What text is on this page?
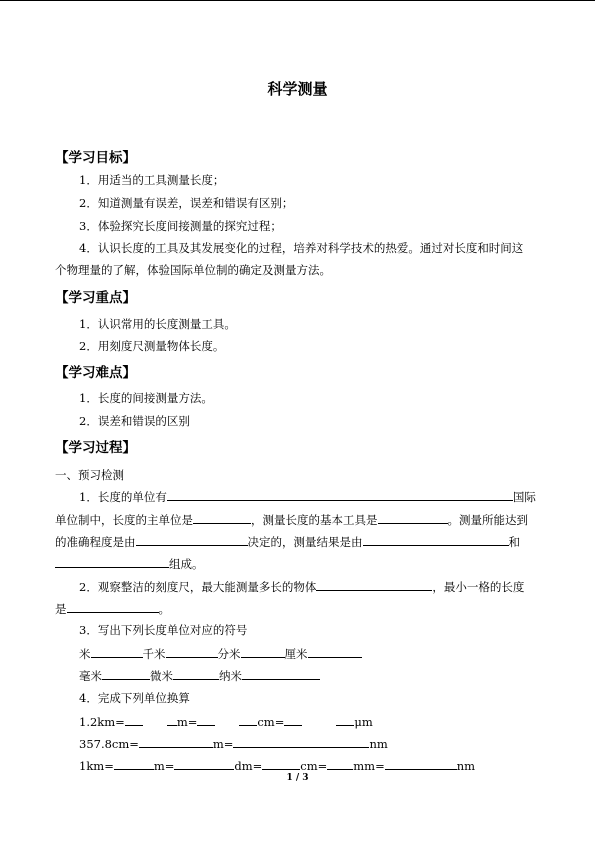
科学测量
【学习目标】
1．用适当的工具测量长度；
2．知道测量有误差，误差和错误有区别；
3．体验探究长度间接测量的探究过程；
4．认识长度的工具及其发展变化的过程，培养对科学技术的热爱。通过对长度和时间这
个物理量的了解，体验国际单位制的确定及测量方法。
【学习重点】
1．认识常用的长度测量工具。
2．用刻度尺测量物体长度。
【学习难点】
1．长度的间接测量方法。
2．误差和错误的区别
【学习过程】
一、预习检测
1．长度的单位有	国际
单位制中，长度的主单位是	，测量长度的基本工具是	。测量所能达到
的准确程度是由	决定的，测量结果是由	和
组成。
2．观察整洁的刻度尺，最大能测量多长的物体	，最小一格的长度
是	。
3．写出下列长度单位对应的符号
米	千米	分米	厘米
毫米	微米	纳米
4．完成下列单位换算
1.2km=	m=	cm=	μm
357.8cm=	m=	nm
1km=	m=	dm=	cm= mm=	nm
1 / 3
